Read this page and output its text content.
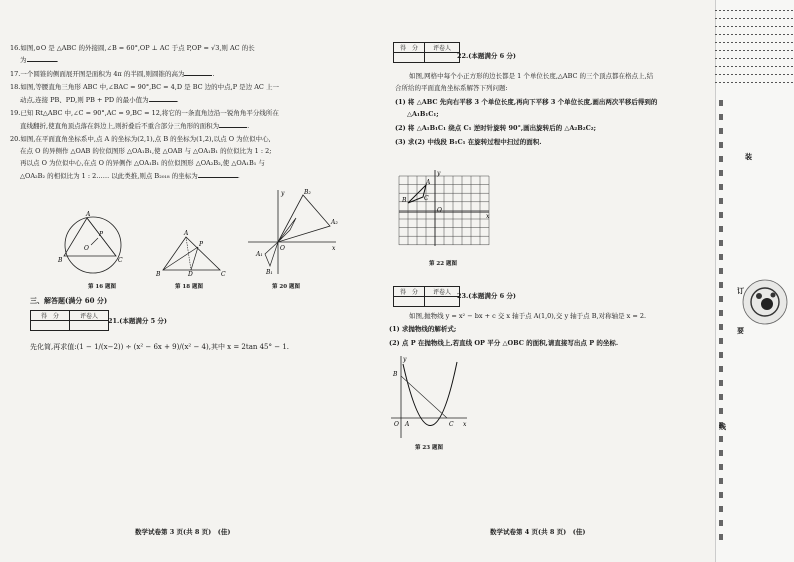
16.如图,⊙O 是 △ABC 的外接圆,∠B = 60°,OP ⊥ AC 于点 P,OP = √3,则 AC 的长
为	.
17.一个圆锥的侧面展开图是面积为 4π 的半圆,则圆锥的高为	.
18.如图,等腰直角三角形 ABC 中,∠BAC = 90°,BC = 4,D 是 BC 边的中点,P 是边 AC 上一
动点,连接 PB、PD,则 PB + PD 的最小值为	.
19.已知 Rt△ABC 中,∠C = 90°,AC = 9,BC = 12,将它的一条直角边沿一锐角角平分线所在
直线翻折,使直角顶点落在斜边上,则折叠后不重合部分三角形的面积为	.
20.如图,在平面直角坐标系中,点 A 的坐标为(2,1),点 B 的坐标为(1,2),以点 O 为位似中心,
在点 O 的异侧作 △OAB 的位似图形 △OA₁B₁,使 △OAB 与 △OA₁B₁ 的位似比为 1 : 2;
再以点 O 为位似中心,在点 O 的异侧作 △OA₁B₁ 的位似图形 △OA₂B₂,使 △OA₁B₁ 与
△OA₂B₂ 的相似比为 1 : 2…… 以此类推,则点 B₂₀₁₈ 的坐标为	.
A
B	C
O
P	A
B	C
D
P
B₂
A₂
A₁
B₁
O	x
y
第 16 题图	第 18 题图	第 20 题图
三、解答题(满分 60 分)
得　分	评卷人

21.(本题满分 5 分)
先化简,再求值:(1 − 1/(x−2)) ÷ (x² − 6x + 9)/(x² − 4),其中 x = 2tan 45° − 1.
数学试卷第 3 页(共 8 页)　(佳)
得　分	评卷人

22.(本题满分 6 分)
如图,网格中每个小正方形的边长都是 1 个单位长度,△ABC 的三个顶点都在格点上,结
合所给的平面直角坐标系解答下列问题:
(1) 将 △ABC 先向右平移 3 个单位长度,再向下平移 3 个单位长度,画出两次平移后得到的
△A₁B₁C₁;
(2) 将 △A₁B₁C₁ 绕点 C₁ 逆时针旋转 90°,画出旋转后的 △A₂B₂C₂;
(3) 求(2) 中线段 B₁C₁ 在旋转过程中扫过的面积.
B
A
C
x
O
y
第 22 题图
得　分	评卷人
	23.(本题满分 6 分)
如图,抛物线 y = x² − bx + c 交 x 轴于点 A(1,0),交 y 轴于点 B,对称轴是 x = 2.
(1) 求抛物线的解析式;
(2) 点 P 在抛物线上,若直线 OP 平分 △OBC 的面积,请直接写出点 P 的坐标.
B
A	C
O	x
y
第 23 题图
数学试卷第 4 页(共 8 页)　(佳)
装
订
要
线
